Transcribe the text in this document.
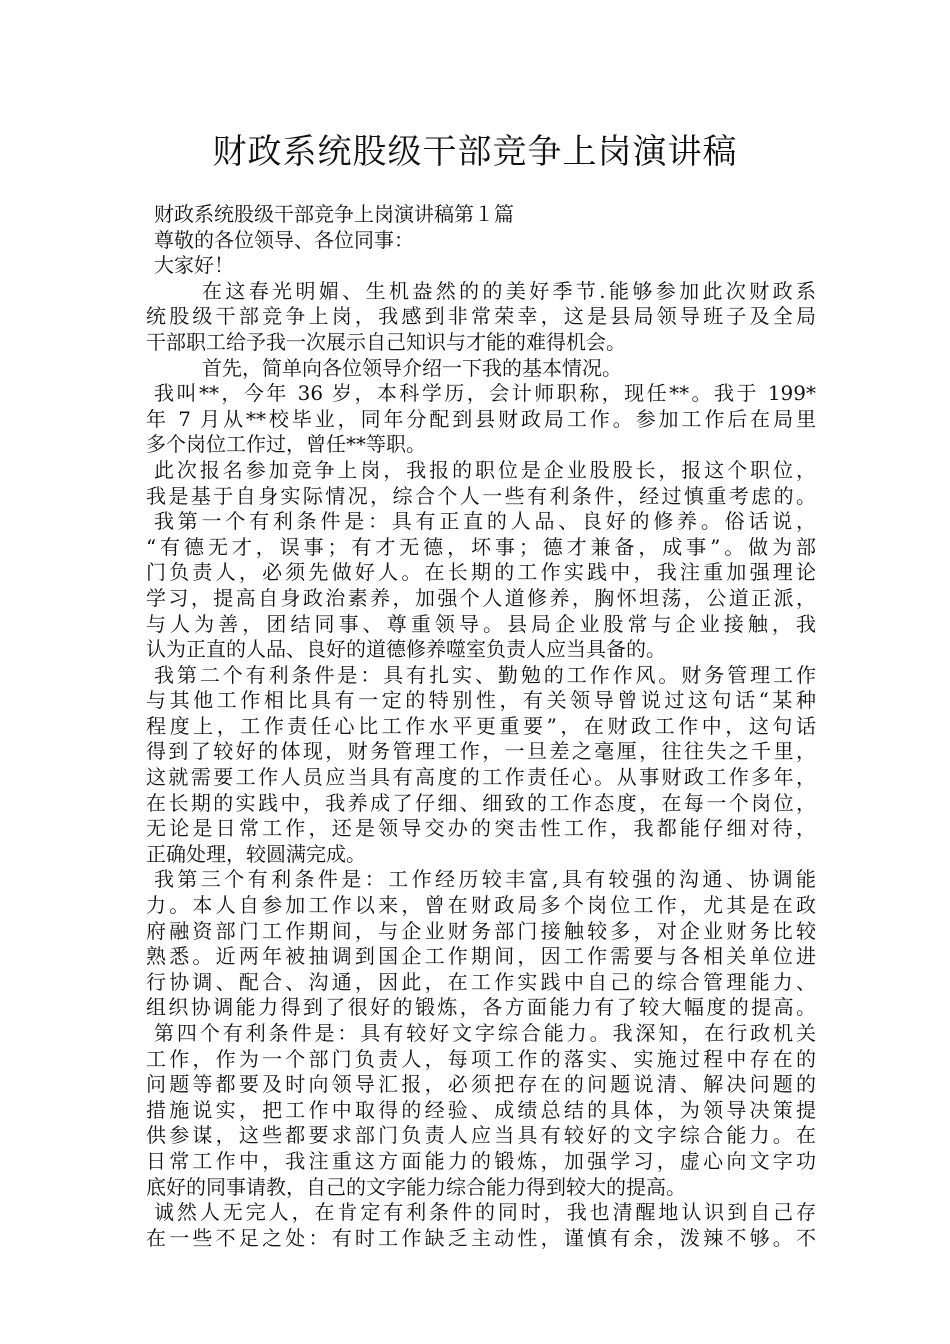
财政系统股级干部竞争上岗演讲稿
财政系统股级干部竞争上岗演讲稿第１篇
尊敬的各位领导、各位同事：
大家好！
在这春光明媚、生机盎然的的美好季节.能够参加此次财政系
统股级干部竞争上岗，我感到非常荣幸，这是县局领导班子及全局
干部职工给予我一次展示自己知识与才能的难得机会。
首先，简单向各位领导介绍一下我的基本情况。
我叫**，今年 36 岁，本科学历，会计师职称，现任**。我于 199*
年 7 月从**校毕业，同年分配到县财政局工作。参加工作后在局里
多个岗位工作过，曾任**等职。
此次报名参加竞争上岗，我报的职位是企业股股长，报这个职位，
我是基于自身实际情况，综合个人一些有利条件，经过慎重考虑的。
我第一个有利条件是：具有正直的人品、良好的修养。俗话说，
“有德无才，误事；有才无德，坏事；德才兼备，成事”。做为部
门负责人，必须先做好人。在长期的工作实践中，我注重加强理论
学习，提高自身政治素养，加强个人道修养，胸怀坦荡，公道正派，
与人为善，团结同事、尊重领导。县局企业股常与企业接触，我
认为正直的人品、良好的道德修养噬室负责人应当具备的。
我第二个有利条件是：具有扎实、勤勉的工作作风。财务管理工作
与其他工作相比具有一定的特别性，有关领导曾说过这句话“某种
程度上，工作责任心比工作水平更重要”，在财政工作中，这句话
得到了较好的体现，财务管理工作，一旦差之毫厘，往往失之千里，
这就需要工作人员应当具有高度的工作责任心。从事财政工作多年，
在长期的实践中，我养成了仔细、细致的工作态度，在每一个岗位，
无论是日常工作，还是领导交办的突击性工作，我都能仔细对待，
正确处理，较圆满完成。
我第三个有利条件是：工作经历较丰富,具有较强的沟通、协调能
力。本人自参加工作以来，曾在财政局多个岗位工作，尤其是在政
府融资部门工作期间，与企业财务部门接触较多，对企业财务比较
熟悉。近两年被抽调到国企工作期间，因工作需要与各相关单位进
行协调、配合、沟通，因此，在工作实践中自己的综合管理能力、
组织协调能力得到了很好的锻炼，各方面能力有了较大幅度的提高。
第四个有利条件是：具有较好文字综合能力。我深知，在行政机关
工作，作为一个部门负责人，每项工作的落实、实施过程中存在的
问题等都要及时向领导汇报，必须把存在的问题说清、解决问题的
措施说实，把工作中取得的经验、成绩总结的具体，为领导决策提
供参谋，这些都要求部门负责人应当具有较好的文字综合能力。在
日常工作中，我注重这方面能力的锻炼，加强学习，虚心向文字功
底好的同事请教，自己的文字能力综合能力得到较大的提高。
诚然人无完人，在肯定有利条件的同时，我也清醒地认识到自己存
在一些不足之处：有时工作缺乏主动性，谨慎有余，泼辣不够。不
